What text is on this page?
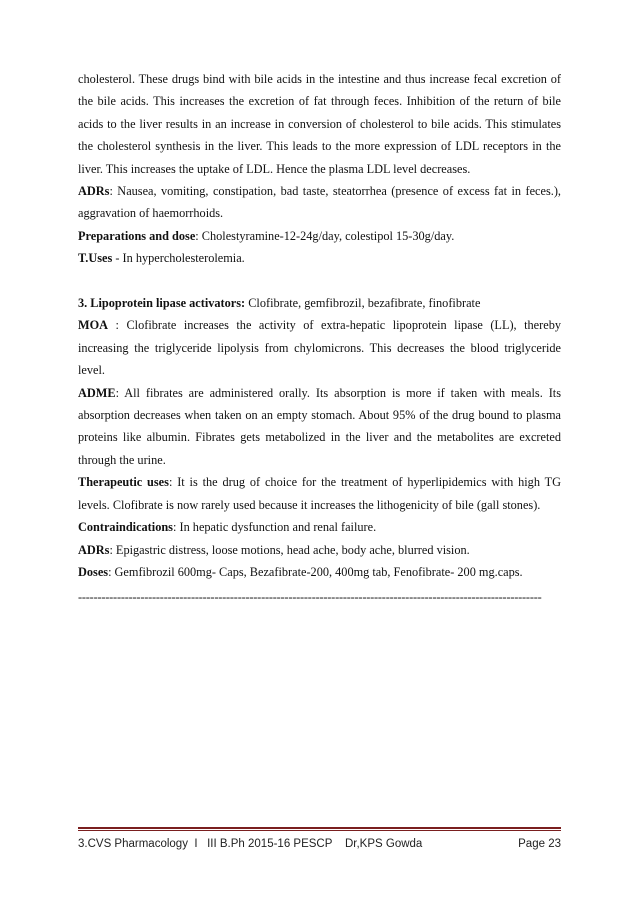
cholesterol. These drugs bind with bile acids in the intestine and thus increase fecal excretion of the bile acids. This increases the excretion of fat through feces. Inhibition of the return of bile acids to the liver results in an increase in conversion of cholesterol to bile acids. This stimulates the cholesterol synthesis in the liver. This leads to the more expression of LDL receptors in the liver. This increases the uptake of LDL. Hence the plasma LDL level decreases.

ADRs: Nausea, vomiting, constipation, bad taste, steatorrhea (presence of excess fat in feces.), aggravation of haemorrhoids.

Preparations and dose: Cholestyramine-12-24g/day, colestipol 15-30g/day.

T.Uses - In hypercholesterolemia.

3. Lipoprotein lipase activators: Clofibrate, gemfibrozil, bezafibrate, finofibrate

MOA : Clofibrate increases the activity of extra-hepatic lipoprotein lipase (LL), thereby increasing the triglyceride lipolysis from chylomicrons. This decreases the blood triglyceride level.

ADME: All fibrates are administered orally. Its absorption is more if taken with meals. Its absorption decreases when taken on an empty stomach. About 95% of the drug bound to plasma proteins like albumin. Fibrates gets metabolized in the liver and the metabolites are excreted through the urine.

Therapeutic uses: It is the drug of choice for the treatment of hyperlipidemics with high TG levels. Clofibrate is now rarely used because it increases the lithogenicity of bile (gall stones).

Contraindications: In hepatic dysfunction and renal failure.

ADRs: Epigastric distress, loose motions, head ache, body ache, blurred vision.

Doses: Gemfibrozil 600mg- Caps, Bezafibrate-200, 400mg tab, Fenofibrate- 200 mg.caps.

-----------------------------------------------------------------------------------------------------------------------
3.CVS Pharmacology  I   III B.Ph 2015-16 PESCP    Dr,KPS Gowda	Page 23
